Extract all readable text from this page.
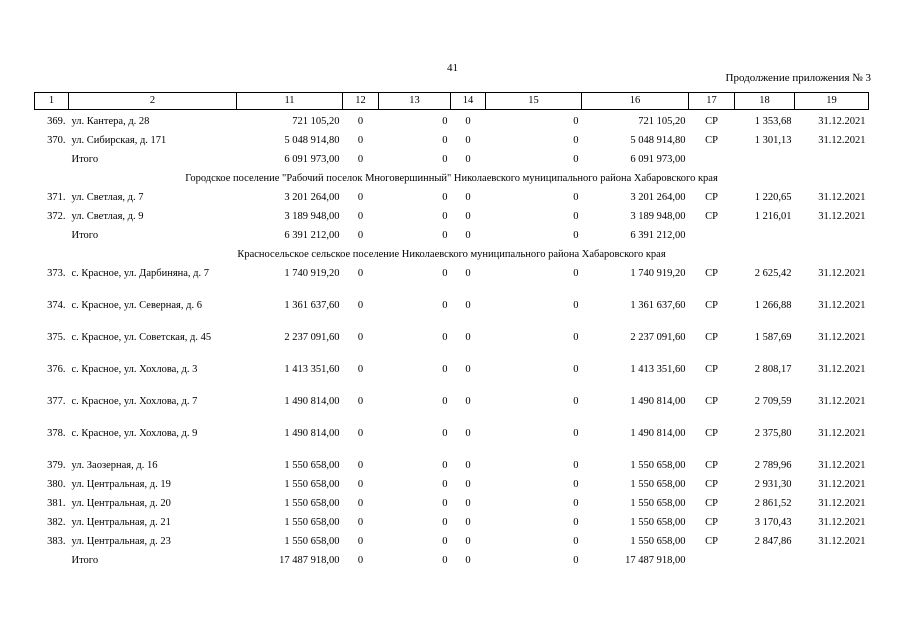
41
Продолжение приложения № 3
1	2	11	12	13	14	15	16	17	18	19
369.	ул. Кантера, д. 28	721 105,20	0	0	0	0	721 105,20	СР	1 353,68	31.12.2021
370.	ул. Сибирская, д. 171	5 048 914,80	0	0	0	0	5 048 914,80	СР	1 301,13	31.12.2021
	Итого	6 091 973,00	0	0	0	0	6 091 973,00			
Городское поселение "Рабочий поселок Многовершинный" Николаевского муниципального района Хабаровского края										
371.	ул. Светлая, д. 7	3 201 264,00	0	0	0	0	3 201 264,00	СР	1 220,65	31.12.2021
372.	ул. Светлая, д. 9	3 189 948,00	0	0	0	0	3 189 948,00	СР	1 216,01	31.12.2021
	Итого	6 391 212,00	0	0	0	0	6 391 212,00			
Красносельское сельское поселение Николаевского муниципального района Хабаровского края										
373.	с. Красное, ул. Дарбиняна, д. 7	1 740 919,20	0	0	0	0	1 740 919,20	СР	2 625,42	31.12.2021
374.	с. Красное, ул. Северная, д. 6	1 361 637,60	0	0	0	0	1 361 637,60	СР	1 266,88	31.12.2021
375.	с. Красное, ул. Советская, д. 45	2 237 091,60	0	0	0	0	2 237 091,60	СР	1 587,69	31.12.2021
376.	с. Красное, ул. Хохлова, д. 3	1 413 351,60	0	0	0	0	1 413 351,60	СР	2 808,17	31.12.2021
377.	с. Красное, ул. Хохлова, д. 7	1 490 814,00	0	0	0	0	1 490 814,00	СР	2 709,59	31.12.2021
378.	с. Красное, ул. Хохлова, д. 9	1 490 814,00	0	0	0	0	1 490 814,00	СР	2 375,80	31.12.2021
379.	ул. Заозерная, д. 16	1 550 658,00	0	0	0	0	1 550 658,00	СР	2 789,96	31.12.2021
380.	ул. Центральная, д. 19	1 550 658,00	0	0	0	0	1 550 658,00	СР	2 931,30	31.12.2021
381.	ул. Центральная, д. 20	1 550 658,00	0	0	0	0	1 550 658,00	СР	2 861,52	31.12.2021
382.	ул. Центральная, д. 21	1 550 658,00	0	0	0	0	1 550 658,00	СР	3 170,43	31.12.2021
383.	ул. Центральная, д. 23	1 550 658,00	0	0	0	0	1 550 658,00	СР	2 847,86	31.12.2021
	Итого	17 487 918,00	0	0	0	0	17 487 918,00			
